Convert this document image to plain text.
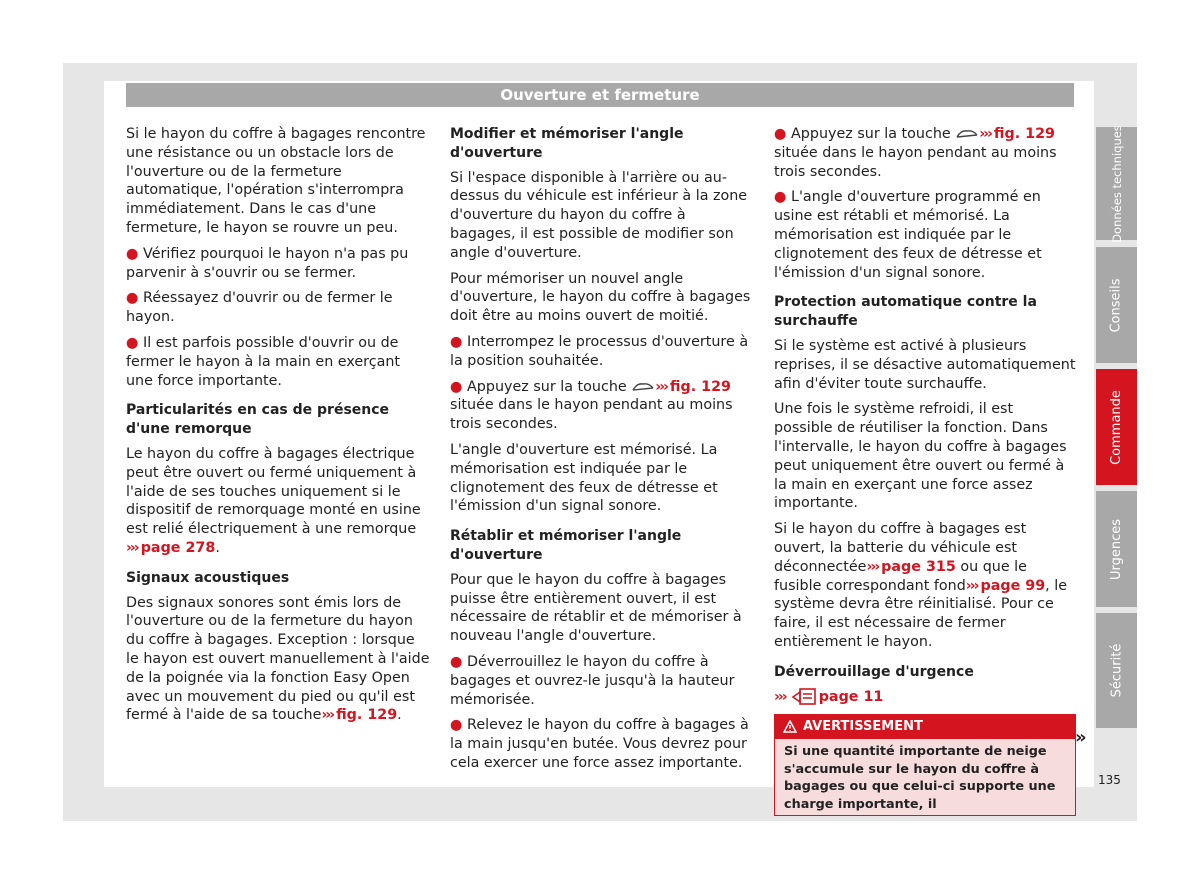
Ouverture et fermeture

Si le hayon du coffre à bagages rencontre une résistance ou un obstacle lors de l'ouverture ou de la fermeture automatique, l'opération s'interrompra immédiatement. Dans le cas d'une fermeture, le hayon se rouvre un peu.

● Vérifiez pourquoi le hayon n'a pas pu parvenir à s'ouvrir ou se fermer.

● Réessayez d'ouvrir ou de fermer le hayon.

● Il est parfois possible d'ouvrir ou de fermer le hayon à la main en exerçant une force importante.

Particularités en cas de présence d'une remorque

Le hayon du coffre à bagages électrique peut être ouvert ou fermé uniquement à l'aide de ses touches uniquement si le dispositif de remorquage monté en usine est relié électriquement à une remorque ››› page 278.

Signaux acoustiques

Des signaux sonores sont émis lors de l'ouverture ou de la fermeture du hayon du coffre à bagages. Exception : lorsque le hayon est ouvert manuellement à l'aide de la poignée via la fonction Easy Open avec un mouvement du pied ou qu'il est fermé à l'aide de sa touche››› fig. 129.

Modifier et mémoriser l'angle d'ouverture

Si l'espace disponible à l'arrière ou au-dessus du véhicule est inférieur à la zone d'ouverture du hayon du coffre à bagages, il est possible de modifier son angle d'ouverture.

Pour mémoriser un nouvel angle d'ouverture, le hayon du coffre à bagages doit être au moins ouvert de moitié.

● Interrompez le processus d'ouverture à la position souhaitée.

● Appuyez sur la touche ››› fig. 129 située dans le hayon pendant au moins trois secondes.

L'angle d'ouverture est mémorisé. La mémorisation est indiquée par le clignotement des feux de détresse et l'émission d'un signal sonore.

Rétablir et mémoriser l'angle d'ouverture

Pour que le hayon du coffre à bagages puisse être entièrement ouvert, il est nécessaire de rétablir et de mémoriser à nouveau l'angle d'ouverture.

● Déverrouillez le hayon du coffre à bagages et ouvrez-le jusqu'à la hauteur mémorisée.

● Relevez le hayon du coffre à bagages à la main jusqu'en butée. Vous devrez pour cela exercer une force assez importante.

● Appuyez sur la touche ››› fig. 129 située dans le hayon pendant au moins trois secondes.

● L'angle d'ouverture programmé en usine est rétabli et mémorisé. La mémorisation est indiquée par le clignotement des feux de détresse et l'émission d'un signal sonore.

Protection automatique contre la surchauffe

Si le système est activé à plusieurs reprises, il se désactive automatiquement afin d'éviter toute surchauffe.

Une fois le système refroidi, il est possible de réutiliser la fonction. Dans l'intervalle, le hayon du coffre à bagages peut uniquement être ouvert ou fermé à la main en exerçant une force assez importante.

Si le hayon du coffre à bagages est ouvert, la batterie du véhicule est déconnectée››› page 315 ou que le fusible correspondant fond››› page 99, le système devra être réinitialisé. Pour ce faire, il est nécessaire de fermer entièrement le hayon.

Déverrouillage d'urgence

››› page 11

AVERTISSEMENT
Si une quantité importante de neige s'accumule sur le hayon du coffre à bagages ou que celui-ci supporte une charge importante, il
»
Données techniques
Conseils
Commande
Urgences
Sécurité
135
